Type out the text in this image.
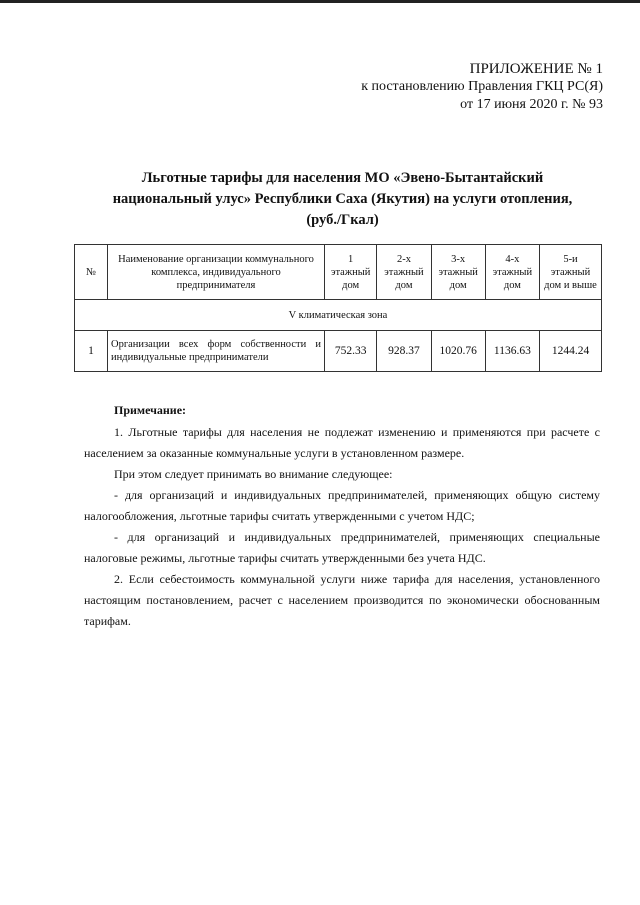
ПРИЛОЖЕНИЕ № 1
к постановлению Правления ГКЦ РС(Я)
от 17 июня 2020 г. № 93
Льготные тарифы для населения МО «Эвено-Бытантайский
национальный улус» Республики Саха (Якутия) на услуги отопления,
(руб./Гкал)
№	Наименование организации коммунального комплекса, индивидуального предпринимателя	1 этажный дом	2-х этажный дом	3-х этажный дом	4-х этажный дом	5-и этажный дом и выше
V климатическая зона						
1	Организации всех форм собственности и индивидуальные предприниматели	752.33	928.37	1020.76	1136.63	1244.24
Примечание:

1. Льготные тарифы для населения не подлежат изменению и применяются при расчете с населением за оказанные коммунальные услуги в установленном размере.

При этом следует принимать во внимание следующее:

- для организаций и индивидуальных предпринимателей, применяющих общую систему налогообложения, льготные тарифы считать утвержденными с учетом НДС;

- для организаций и индивидуальных предпринимателей, применяющих специальные налоговые режимы, льготные тарифы считать утвержденными без учета НДС.

2. Если себестоимость коммунальной услуги ниже тарифа для населения, установленного настоящим постановлением, расчет с населением производится по экономически обоснованным тарифам.
